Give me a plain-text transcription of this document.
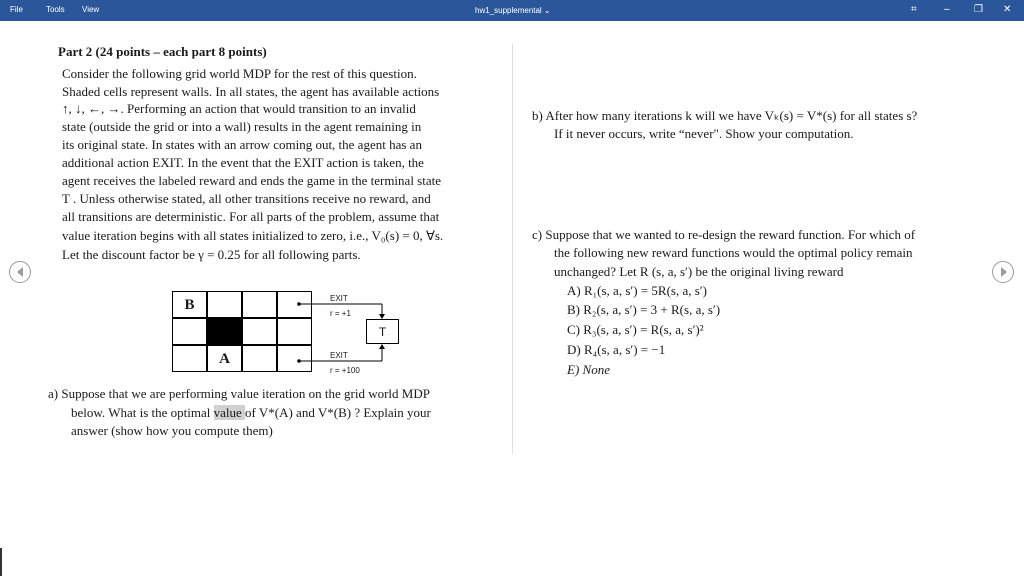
File	Tools View	hw1_supplemental ⌄	⌗	– ❐ ✕
Part 2 (24 points – each part 8 points)
Consider the following grid world MDP for the rest of this question.
Shaded cells represent walls. In all states, the agent has available actions
↑, ↓, ←, →. Performing an action that would transition to an invalid
state (outside the grid or into a wall) results in the agent remaining in
its original state. In states with an arrow coming out, the agent has an
additional action EXIT. In the event that the EXIT action is taken, the
agent receives the labeled reward and ends the game in the terminal state
T . Unless otherwise stated, all other transitions receive no reward, and
all transitions are deterministic. For all parts of the problem, assume that
value iteration begins with all states initialized to zero, i.e., V₀(s) = 0, ∀s.
Let the discount factor be γ = 0.25 for all following parts.
B
A
EXIT
r = +1
T
EXIT
r = +100
a) Suppose that we are performing value iteration on the grid world MDP
below. What is the optimal value of V*(A) and V*(B) ? Explain your
answer (show how you compute them)
b) After how many iterations k will we have Vₖ(s) = V*(s) for all states s?
If it never occurs, write “never". Show your computation.
c) Suppose that we wanted to re-design the reward function. For which of
the following new reward functions would the optimal policy remain
unchanged? Let R (s, a, s′) be the original living reward
A) R₁(s, a, s′) = 5R(s, a, s′)
B) R₂(s, a, s′) = 3 + R(s, a, s′)
C) R₃(s, a, s′) = R(s, a, s′)²
D) R₄(s, a, s′) = −1
E) None
